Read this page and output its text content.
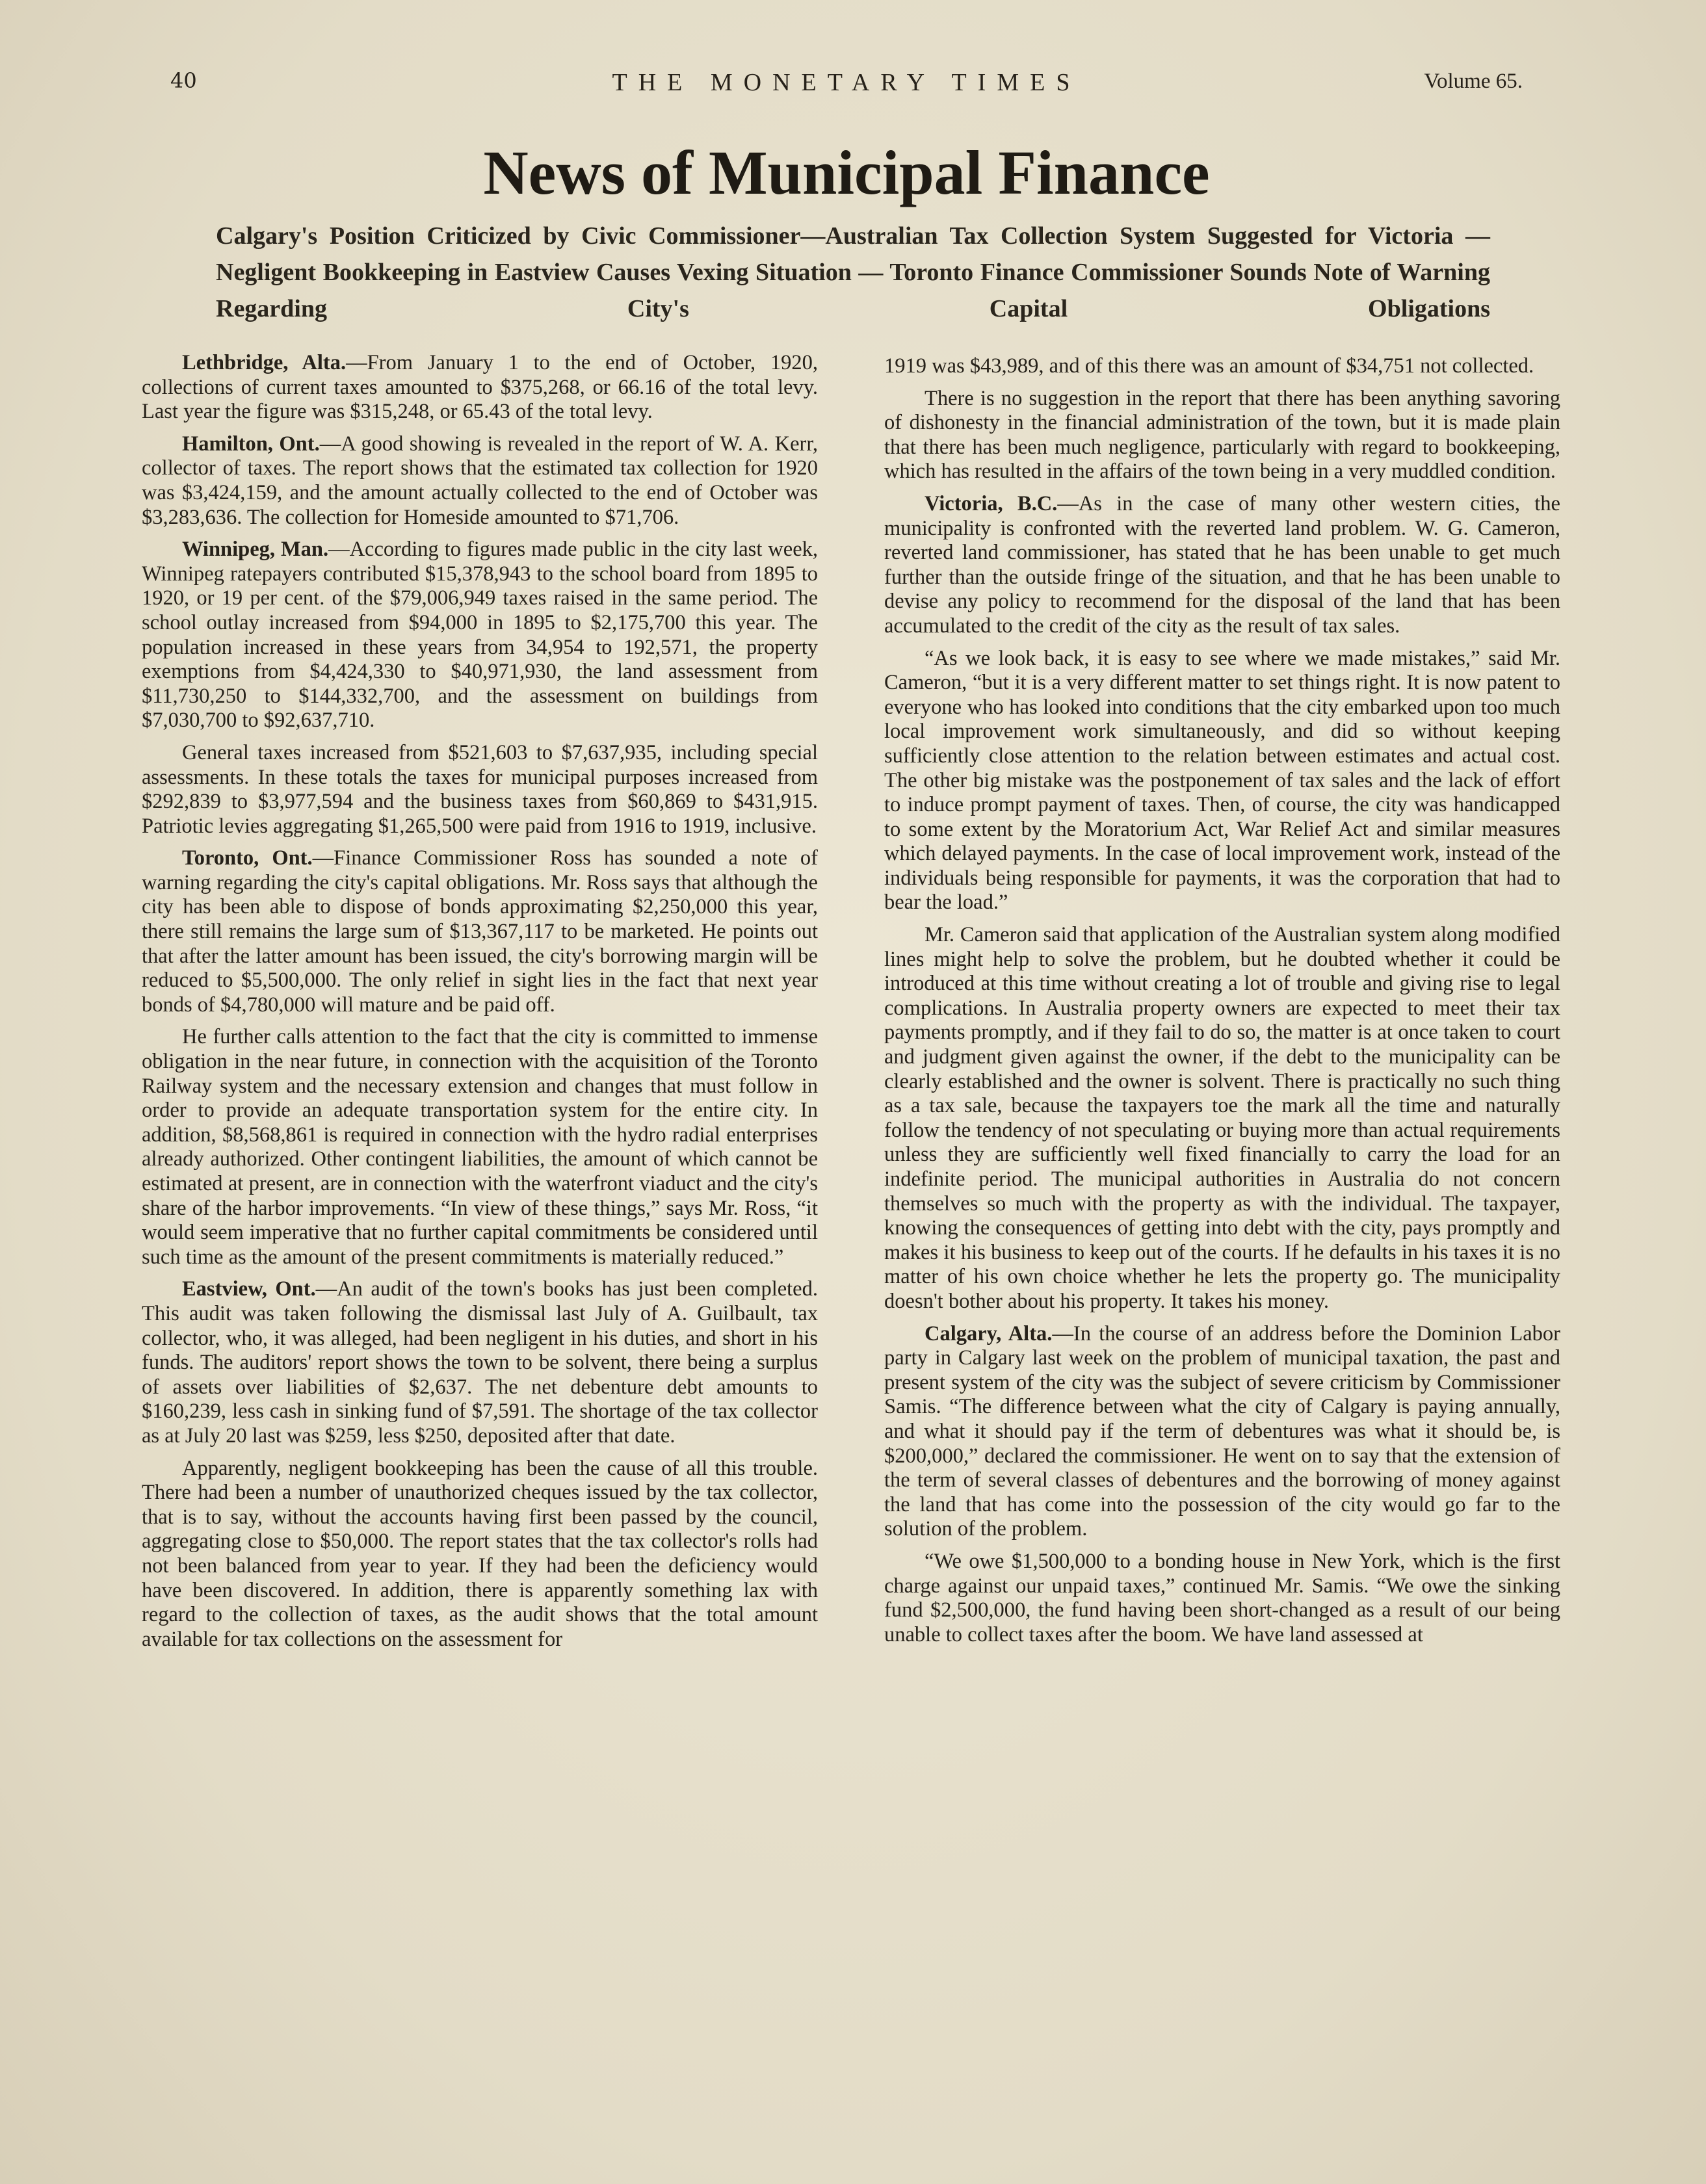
40	THE MONETARY TIMES	Volume 65.
News of Municipal Finance

Calgary's Position Criticized by Civic Commissioner—Australian Tax Collection System Suggested for Victoria — Negligent Bookkeeping in Eastview Causes Vexing Situation — Toronto Finance Commissioner Sounds Note of Warning Regarding City's Capital Obligations

Lethbridge, Alta.—From January 1 to the end of October, 1920, collections of current taxes amounted to $375,268, or 66.16 of the total levy. Last year the figure was $315,248, or 65.43 of the total levy.

Hamilton, Ont.—A good showing is revealed in the report of W. A. Kerr, collector of taxes. The report shows that the estimated tax collection for 1920 was $3,424,159, and the amount actually collected to the end of October was $3,283,636. The collection for Homeside amounted to $71,706.

Winnipeg, Man.—According to figures made public in the city last week, Winnipeg ratepayers contributed $15,378,943 to the school board from 1895 to 1920, or 19 per cent. of the $79,006,949 taxes raised in the same period. The school outlay increased from $94,000 in 1895 to $2,175,700 this year. The population increased in these years from 34,954 to 192,571, the property exemptions from $4,424,330 to $40,971,930, the land assessment from $11,730,250 to $144,332,700, and the assessment on buildings from $7,030,700 to $92,637,710.

General taxes increased from $521,603 to $7,637,935, including special assessments. In these totals the taxes for municipal purposes increased from $292,839 to $3,977,594 and the business taxes from $60,869 to $431,915. Patriotic levies aggregating $1,265,500 were paid from 1916 to 1919, inclusive.

Toronto, Ont.—Finance Commissioner Ross has sounded a note of warning regarding the city's capital obligations. Mr. Ross says that although the city has been able to dispose of bonds approximating $2,250,000 this year, there still remains the large sum of $13,367,117 to be marketed. He points out that after the latter amount has been issued, the city's borrowing margin will be reduced to $5,500,000. The only relief in sight lies in the fact that next year bonds of $4,780,000 will mature and be paid off.

He further calls attention to the fact that the city is committed to immense obligation in the near future, in connection with the acquisition of the Toronto Railway system and the necessary extension and changes that must follow in order to provide an adequate transportation system for the entire city. In addition, $8,568,861 is required in connection with the hydro radial enterprises already authorized. Other contingent liabilities, the amount of which cannot be estimated at present, are in connection with the waterfront viaduct and the city's share of the harbor improvements. “In view of these things,” says Mr. Ross, “it would seem imperative that no further capital commitments be considered until such time as the amount of the present commitments is materially reduced.”

Eastview, Ont.—An audit of the town's books has just been completed. This audit was taken following the dismissal last July of A. Guilbault, tax collector, who, it was alleged, had been negligent in his duties, and short in his funds. The auditors' report shows the town to be solvent, there being a surplus of assets over liabilities of $2,637. The net debenture debt amounts to $160,239, less cash in sinking fund of $7,591. The shortage of the tax collector as at July 20 last was $259, less $250, deposited after that date.

Apparently, negligent bookkeeping has been the cause of all this trouble. There had been a number of unauthorized cheques issued by the tax collector, that is to say, without the accounts having first been passed by the council, aggregating close to $50,000. The report states that the tax collector's rolls had not been balanced from year to year. If they had been the deficiency would have been discovered. In addition, there is apparently something lax with regard to the collection of taxes, as the audit shows that the total amount available for tax collections on the assessment for

1919 was $43,989, and of this there was an amount of $34,751 not collected.

There is no suggestion in the report that there has been anything savoring of dishonesty in the financial administration of the town, but it is made plain that there has been much negligence, particularly with regard to bookkeeping, which has resulted in the affairs of the town being in a very muddled condition.

Victoria, B.C.—As in the case of many other western cities, the municipality is confronted with the reverted land problem. W. G. Cameron, reverted land commissioner, has stated that he has been unable to get much further than the outside fringe of the situation, and that he has been unable to devise any policy to recommend for the disposal of the land that has been accumulated to the credit of the city as the result of tax sales.

“As we look back, it is easy to see where we made mistakes,” said Mr. Cameron, “but it is a very different matter to set things right. It is now patent to everyone who has looked into conditions that the city embarked upon too much local improvement work simultaneously, and did so without keeping sufficiently close attention to the relation between estimates and actual cost. The other big mistake was the postponement of tax sales and the lack of effort to induce prompt payment of taxes. Then, of course, the city was handicapped to some extent by the Moratorium Act, War Relief Act and similar measures which delayed payments. In the case of local improvement work, instead of the individuals being responsible for payments, it was the corporation that had to bear the load.”

Mr. Cameron said that application of the Australian system along modified lines might help to solve the problem, but he doubted whether it could be introduced at this time without creating a lot of trouble and giving rise to legal complications. In Australia property owners are expected to meet their tax payments promptly, and if they fail to do so, the matter is at once taken to court and judgment given against the owner, if the debt to the municipality can be clearly established and the owner is solvent. There is practically no such thing as a tax sale, because the taxpayers toe the mark all the time and naturally follow the tendency of not speculating or buying more than actual requirements unless they are sufficiently well fixed financially to carry the load for an indefinite period. The municipal authorities in Australia do not concern themselves so much with the property as with the individual. The taxpayer, knowing the consequences of getting into debt with the city, pays promptly and makes it his business to keep out of the courts. If he defaults in his taxes it is no matter of his own choice whether he lets the property go. The municipality doesn't bother about his property. It takes his money.

Calgary, Alta.—In the course of an address before the Dominion Labor party in Calgary last week on the problem of municipal taxation, the past and present system of the city was the subject of severe criticism by Commissioner Samis. “The difference between what the city of Calgary is paying annually, and what it should pay if the term of debentures was what it should be, is $200,000,” declared the commissioner. He went on to say that the extension of the term of several classes of debentures and the borrowing of money against the land that has come into the possession of the city would go far to the solution of the problem.

“We owe $1,500,000 to a bonding house in New York, which is the first charge against our unpaid taxes,” continued Mr. Samis. “We owe the sinking fund $2,500,000, the fund having been short-changed as a result of our being unable to collect taxes after the boom. We have land assessed at
